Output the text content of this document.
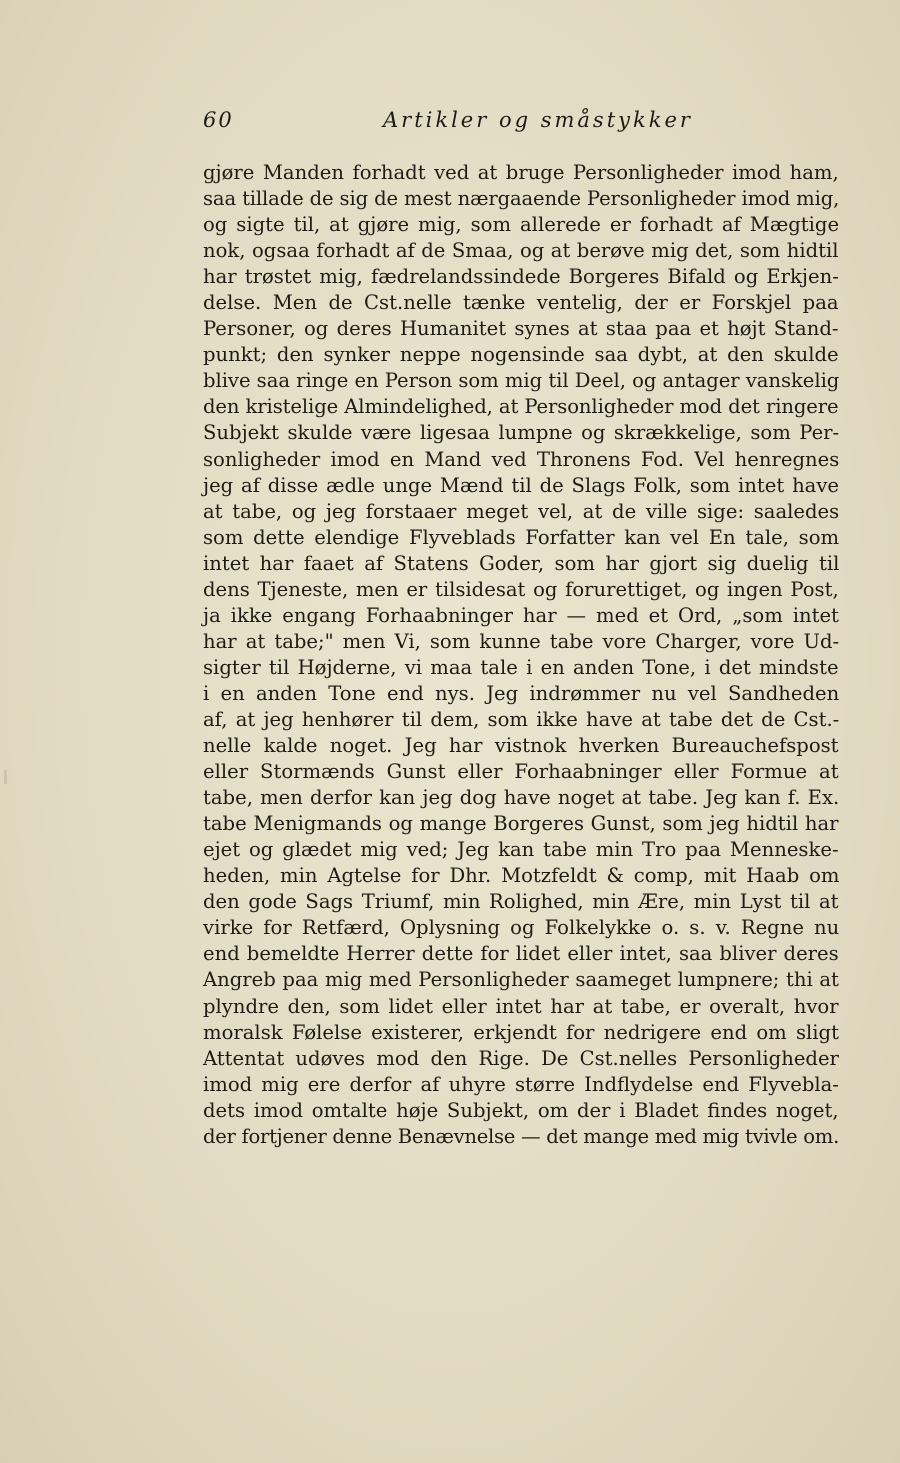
60	Artikler og småstykker
gjøre Manden forhadt ved at bruge Personligheder imod ham,
saa tillade de sig de mest nærgaaende Personligheder imod mig,
og sigte til, at gjøre mig, som allerede er forhadt af Mægtige
nok, ogsaa forhadt af de Smaa, og at berøve mig det, som hidtil
har trøstet mig, fædrelandssindede Borgeres Bifald og Erkjen-
delse. Men de Cst.nelle tænke ventelig, der er Forskjel paa
Personer, og deres Humanitet synes at staa paa et højt Stand-
punkt; den synker neppe nogensinde saa dybt, at den skulde
blive saa ringe en Person som mig til Deel, og antager vanskelig
den kristelige Almindelighed, at Personligheder mod det ringere
Subjekt skulde være ligesaa lumpne og skrækkelige, som Per-
sonligheder imod en Mand ved Thronens Fod. Vel henregnes
jeg af disse ædle unge Mænd til de Slags Folk, som intet have
at tabe, og jeg forstaaer meget vel, at de ville sige: saaledes
som dette elendige Flyveblads Forfatter kan vel En tale, som
intet har faaet af Statens Goder, som har gjort sig duelig til
dens Tjeneste, men er tilsidesat og forurettiget, og ingen Post,
ja ikke engang Forhaabninger har — med et Ord, „som intet
har at tabe;" men Vi, som kunne tabe vore Charger, vore Ud-
sigter til Højderne, vi maa tale i en anden Tone, i det mindste
i en anden Tone end nys. Jeg indrømmer nu vel Sandheden
af, at jeg henhører til dem, som ikke have at tabe det de Cst.-
nelle kalde noget. Jeg har vistnok hverken Bureauchefspost
eller Stormænds Gunst eller Forhaabninger eller Formue at
tabe, men derfor kan jeg dog have noget at tabe. Jeg kan f. Ex.
tabe Menigmands og mange Borgeres Gunst, som jeg hidtil har
ejet og glædet mig ved; Jeg kan tabe min Tro paa Menneske-
heden, min Agtelse for Dhr. Motzfeldt & comp, mit Haab om
den gode Sags Triumf, min Rolighed, min Ære, min Lyst til at
virke for Retfærd, Oplysning og Folkelykke o. s. v. Regne nu
end bemeldte Herrer dette for lidet eller intet, saa bliver deres
Angreb paa mig med Personligheder saameget lumpnere; thi at
plyndre den, som lidet eller intet har at tabe, er overalt, hvor
moralsk Følelse existerer, erkjendt for nedrigere end om sligt
Attentat udøves mod den Rige. De Cst.nelles Personligheder
imod mig ere derfor af uhyre større Indflydelse end Flyvebla-
dets imod omtalte høje Subjekt, om der i Bladet findes noget,
der fortjener denne Benævnelse — det mange med mig tvivle om.
